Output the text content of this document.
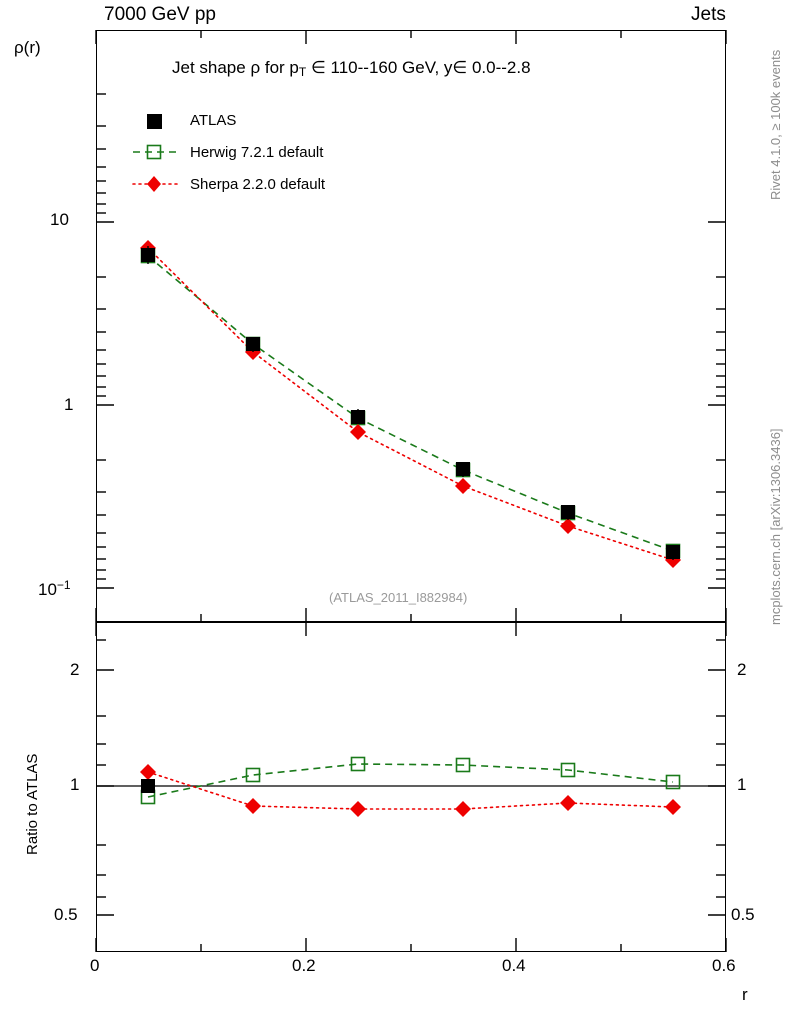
7000 GeV pp	Jets
Rivet 4.1.0, ≥ 100k events
mcplots.cern.ch [arXiv:1306.3436]
ρ(r)
Ratio to ATLAS
r
Jet shape ρ for pT ∈ 110--160 GeV, y∈ 0.0--2.8
ATLAS
Herwig 7.2.1 default
Sherpa 2.2.0 default
(ATLAS_2011_I882984)
10
1
$10^{-1}$
2
1
0.5
2
1
0.5
0	0.2	0.4	0.6
